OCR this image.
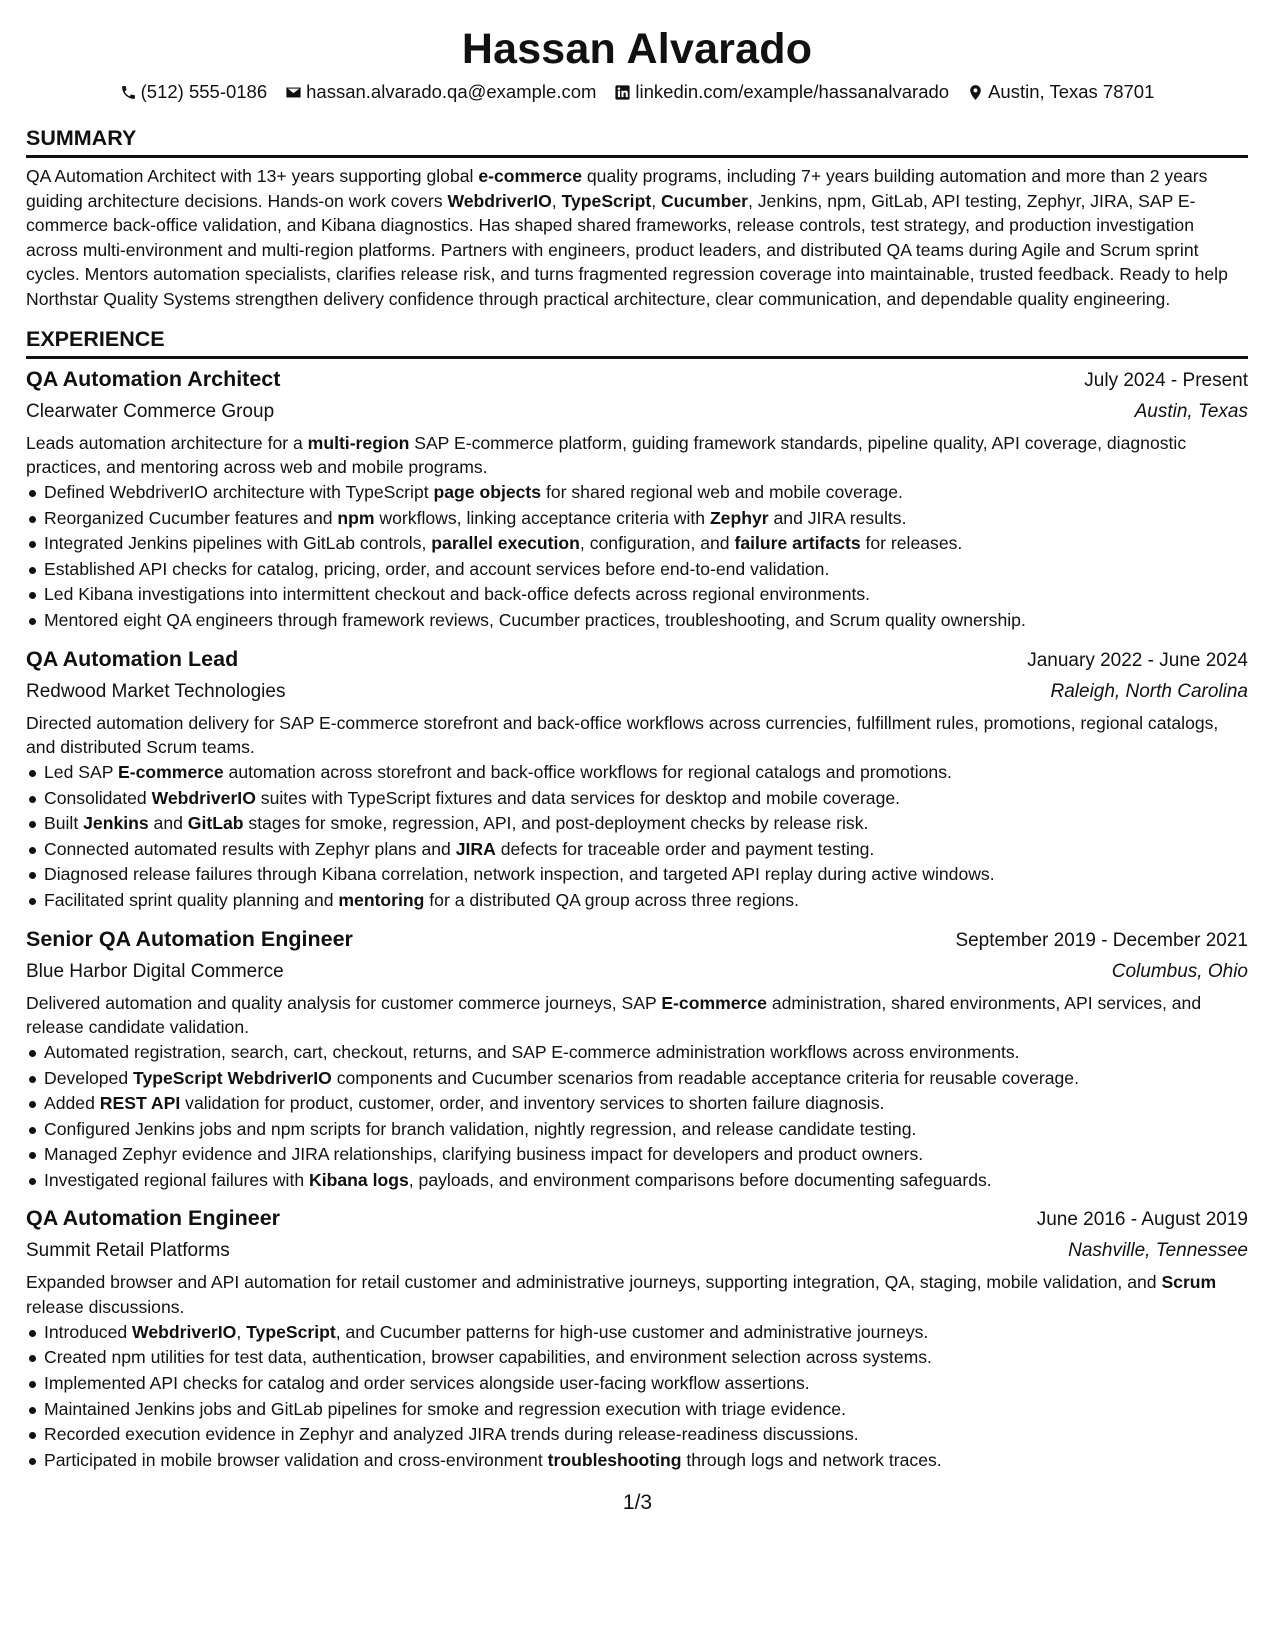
Hassan Alvarado
(512) 555-0186 hassan.alvarado.qa@example.com linkedin.com/example/hassanalvarado Austin, Texas 78701
SUMMARY

QA Automation Architect with 13+ years supporting global e-commerce quality programs, including 7+ years building automation and more than 2 years guiding architecture decisions. Hands-on work covers WebdriverIO, TypeScript, Cucumber, Jenkins, npm, GitLab, API testing, Zephyr, JIRA, SAP E-commerce back-office validation, and Kibana diagnostics. Has shaped shared frameworks, release controls, test strategy, and production investigation across multi-environment and multi-region platforms. Partners with engineers, product leaders, and distributed QA teams during Agile and Scrum sprint cycles. Mentors automation specialists, clarifies release risk, and turns fragmented regression coverage into maintainable, trusted feedback. Ready to help Northstar Quality Systems strengthen delivery confidence through practical architecture, clear communication, and dependable quality engineering.

EXPERIENCE
QA Automation Architect	July 2024 - Present
Clearwater Commerce Group	Austin, Texas

Leads automation architecture for a multi-region SAP E-commerce platform, guiding framework standards, pipeline quality, API coverage, diagnostic practices, and mentoring across web and mobile programs.

Defined WebdriverIO architecture with TypeScript page objects for shared regional web and mobile coverage.
Reorganized Cucumber features and npm workflows, linking acceptance criteria with Zephyr and JIRA results.
Integrated Jenkins pipelines with GitLab controls, parallel execution, configuration, and failure artifacts for releases.
Established API checks for catalog, pricing, order, and account services before end-to-end validation.
Led Kibana investigations into intermittent checkout and back-office defects across regional environments.
Mentored eight QA engineers through framework reviews, Cucumber practices, troubleshooting, and Scrum quality ownership.
QA Automation Lead	January 2022 - June 2024
Redwood Market Technologies	Raleigh, North Carolina

Directed automation delivery for SAP E-commerce storefront and back-office workflows across currencies, fulfillment rules, promotions, regional catalogs, and distributed Scrum teams.

Led SAP E-commerce automation across storefront and back-office workflows for regional catalogs and promotions.
Consolidated WebdriverIO suites with TypeScript fixtures and data services for desktop and mobile coverage.
Built Jenkins and GitLab stages for smoke, regression, API, and post-deployment checks by release risk.
Connected automated results with Zephyr plans and JIRA defects for traceable order and payment testing.
Diagnosed release failures through Kibana correlation, network inspection, and targeted API replay during active windows.
Facilitated sprint quality planning and mentoring for a distributed QA group across three regions.
Senior QA Automation Engineer	September 2019 - December 2021
Blue Harbor Digital Commerce	Columbus, Ohio

Delivered automation and quality analysis for customer commerce journeys, SAP E-commerce administration, shared environments, API services, and release candidate validation.

Automated registration, search, cart, checkout, returns, and SAP E-commerce administration workflows across environments.
Developed TypeScript WebdriverIO components and Cucumber scenarios from readable acceptance criteria for reusable coverage.
Added REST API validation for product, customer, order, and inventory services to shorten failure diagnosis.
Configured Jenkins jobs and npm scripts for branch validation, nightly regression, and release candidate testing.
Managed Zephyr evidence and JIRA relationships, clarifying business impact for developers and product owners.
Investigated regional failures with Kibana logs, payloads, and environment comparisons before documenting safeguards.
QA Automation Engineer	June 2016 - August 2019
Summit Retail Platforms	Nashville, Tennessee

Expanded browser and API automation for retail customer and administrative journeys, supporting integration, QA, staging, mobile validation, and Scrum release discussions.

Introduced WebdriverIO, TypeScript, and Cucumber patterns for high-use customer and administrative journeys.
Created npm utilities for test data, authentication, browser capabilities, and environment selection across systems.
Implemented API checks for catalog and order services alongside user-facing workflow assertions.
Maintained Jenkins jobs and GitLab pipelines for smoke and regression execution with triage evidence.
Recorded execution evidence in Zephyr and analyzed JIRA trends during release-readiness discussions.
Participated in mobile browser validation and cross-environment troubleshooting through logs and network traces.
1/3
